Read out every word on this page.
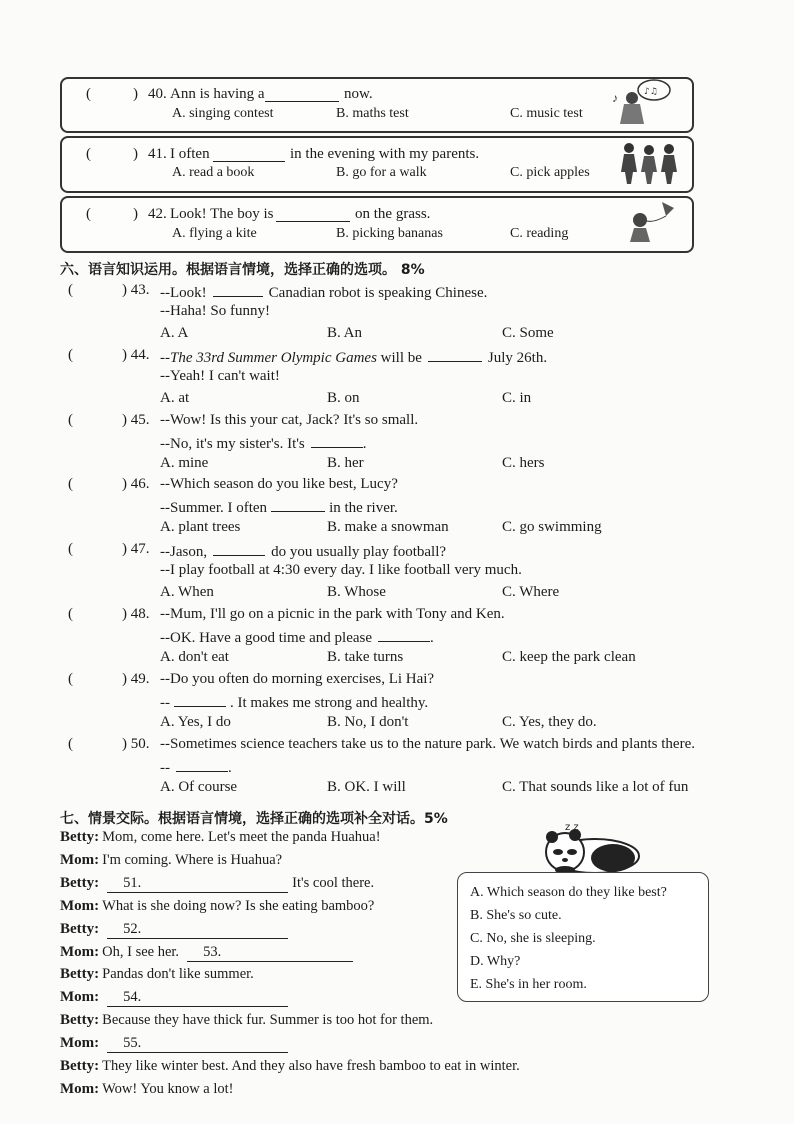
(	) 40. Ann is having a	now.
A. singing contest	B. maths test	C. music test
♪♫
♪
(	) 41. I often	in the evening with my parents.
A. read a book	B. go for a walk	C. pick apples
(	) 42. Look! The boy is	on the grass.
A. flying a kite	B. picking bananas	C. reading
六、语言知识运用。根据语言情境，选择正确的选项。 8%
(	) 43. --Look!	Canadian robot is speaking Chinese.
--Haha! So funny!
A. A	B. An	C. Some
(	) 44. --The 33rd Summer Olympic Games will be	July 26th.
--Yeah! I can't wait!
A. at	B. on	C. in
(	) 45. --Wow! Is this your cat, Jack? It's so small.
--No, it's my sister's. It's	.
A. mine	B. her	C. hers
(	) 46. --Which season do you like best, Lucy?
--Summer. I often	in the river.
A. plant trees	B. make a snowman	C. go swimming
(	) 47. --Jason,	do you usually play football?
--I play football at 4:30 every day. I like football very much.
A. When	B. Whose	C. Where
(	) 48. --Mum, I'll go on a picnic in the park with Tony and Ken.
--OK. Have a good time and please	.
A. don't eat	B. take turns	C. keep the park clean
(	) 49. --Do you often do morning exercises, Li Hai?
--	. It makes me strong and healthy.
A. Yes, I do	B. No, I don't	C. Yes, they do.
(	) 50. --Sometimes science teachers take us to the nature park. We watch birds and plants there.
--	.
A. Of course	B. OK. I will	C. That sounds like a lot of fun
七、情景交际。根据语言情境，选择正确的选项补全对话。5%
z z
Betty: Mom, come here. Let's meet the panda Huahua!
Mom: I'm coming. Where is Huahua?
Betty: 51.	It's cool there.
Mom: What is she doing now? Is she eating bamboo?
Betty: 52.
Mom: Oh, I see her. 53.
Betty: Pandas don't like summer.
Mom: 54.
Betty: Because they have thick fur. Summer is too hot for them.
Mom: 55.
Betty: They like winter best. And they also have fresh bamboo to eat in winter.
Mom: Wow! You know a lot!
A. Which season do they like best?
B. She's so cute.
C. No, she is sleeping.
D. Why?
E. She's in her room.
